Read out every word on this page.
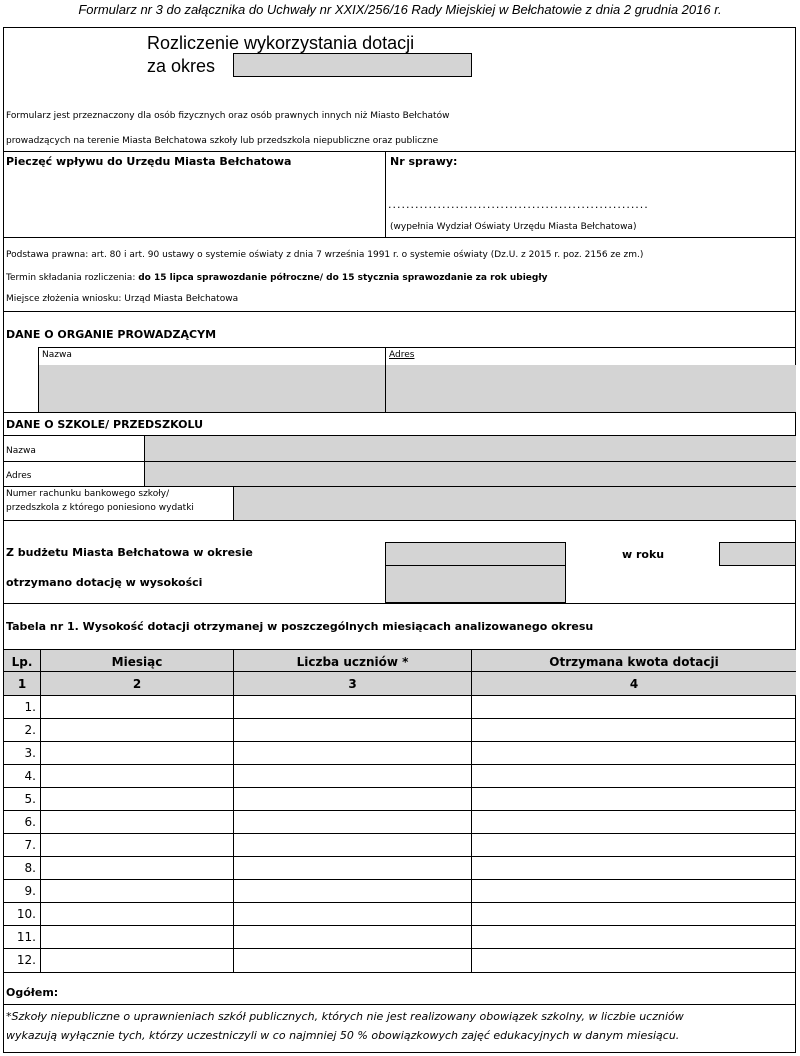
Formularz nr 3 do załącznika do Uchwały nr XXIX/256/16 Rady Miejskiej w Bełchatowie z dnia 2 grudnia 2016 r.
Rozliczenie wykorzystania dotacji
za okres
Formularz jest przeznaczony dla osób fizycznych oraz osób prawnych innych niż Miasto Bełchatów
prowadzących na terenie Miasta Bełchatowa szkoły lub przedszkola niepubliczne oraz publiczne
Pieczęć wpływu do Urzędu Miasta Bełchatowa	Nr sprawy:
..........................................................
(wypełnia Wydział Oświaty Urzędu Miasta Bełchatowa)
Podstawa prawna: art. 80 i art. 90 ustawy o systemie oświaty z dnia 7 września 1991 r. o systemie oświaty (Dz.U. z 2015 r. poz. 2156 ze zm.)
Termin składania rozliczenia: do 15 lipca sprawozdanie półroczne/ do 15 stycznia sprawozdanie za rok ubiegły
Miejsce złożenia wniosku: Urząd Miasta Bełchatowa
DANE O ORGANIE PROWADZĄCYM
Nazwa	Adres
DANE O SZKOLE/ PRZEDSZKOLU
Nazwa
Adres
Numer rachunku bankowego szkoły/
przedszkola z którego poniesiono wydatki
Z budżetu Miasta Bełchatowa w okresie
otrzymano dotację w wysokości
w roku
Tabela nr 1. Wysokość dotacji otrzymanej w poszczególnych miesiącach analizowanego okresu
Lp.	Miesiąc	Liczba uczniów *	Otrzymana kwota dotacji
1	2	3	4
1.
2.
3.
4.
5.
6.
7.
8.
9.
10.
11.
12.
Ogółem:
*Szkoły niepubliczne o uprawnieniach szkół publicznych, których nie jest realizowany obowiązek szkolny, w liczbie uczniów
wykazują wyłącznie tych, którzy uczestniczyli w co najmniej 50 % obowiązkowych zajęć edukacyjnych w danym miesiącu.
